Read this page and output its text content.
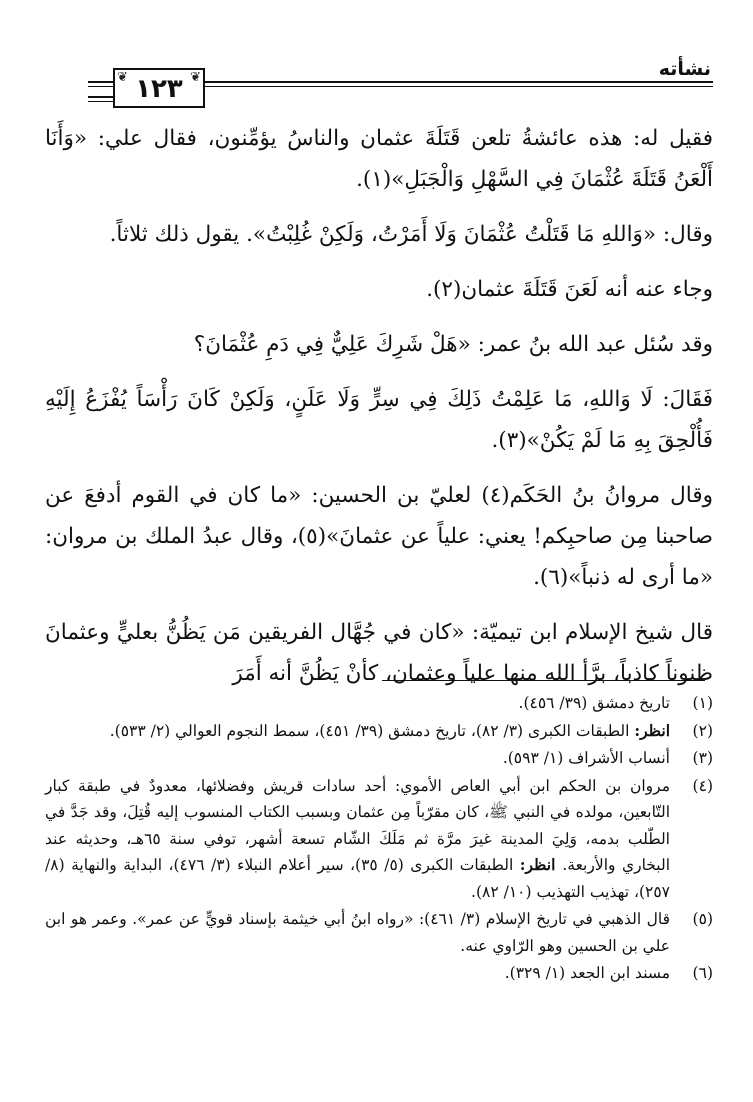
نشأته
❦	❦
١٢٣

فقيل له: هذه عائشةُ تلعن قَتَلَةَ عثمان والناسُ يؤمِّنون، فقال علي: «وَأَنَا أَلْعَنُ قَتَلَةَ عُثْمَانَ فِي السَّهْلِ وَالْجَبَلِ»(١).

وقال: «وَاللهِ مَا قَتَلْتُ عُثْمَانَ وَلَا أَمَرْتُ، وَلَكِنْ غُلِبْتُ». يقول ذلك ثلاثاً.

وجاء عنه أنه لَعَنَ قَتَلَةَ عثمان(٢).

وقد سُئل عبد الله بنُ عمر: «هَلْ شَرِكَ عَلِيٌّ فِي دَمِ عُثْمَانَ؟

فَقَالَ: لَا وَاللهِ، مَا عَلِمْتُ ذَلِكَ فِي سِرٍّ وَلَا عَلَنٍ، وَلَكِنْ كَانَ رَأْسَاً يُفْزَعُ إِلَيْهِ فَأُلْحِقَ بِهِ مَا لَمْ يَكُنْ»(٣).

وقال مروانُ بنُ الحَكَم(٤) لعليّ بن الحسين: «ما كان في القوم أدفعَ عن صاحبنا مِن صاحبِكم! يعني: علياً عن عثمانَ»(٥)، وقال عبدُ الملك بن مروان: «ما أرى له ذنباً»(٦).

قال شيخ الإسلام ابن تيميّة: «كان في جُهَّال الفريقين مَن يَظُنُّ بعليٍّ وعثمانَ ظنوناً كاذباً، برَّأ الله منها علياً وعثمان، كأنْ يَظُنَّ أنه أَمَرَ

(١)
تاريخ دمشق (٣٩/ ٤٥٦).
(٢)
انظر: الطبقات الكبرى (٣/ ٨٢)، تاريخ دمشق (٣٩/ ٤٥١)، سمط النجوم العوالي (٢/ ٥٣٣).
(٣)
أنساب الأشراف (١/ ٥٩٣).
(٤)
مروان بن الحكم ابن أبي العاص الأموي: أحد سادات قريش وفضلائها، معدودٌ في طبقة كبار التّابعين، مولده في النبي ﷺ، كان مقرّباً مِن عثمان وبسبب الكتاب المنسوب إليه قُتِلَ، وقد جَدَّ في الطّلب بدمه، وَلِيَ المدينة غيرَ مرَّة ثم مَلَكَ الشّام تسعة أشهر، توفي سنة ٦٥هـ، وحديثه عند البخاري والأربعة. انظر: الطبقات الكبرى (٥/ ٣٥)، سير أعلام النبلاء (٣/ ٤٧٦)، البداية والنهاية (٨/ ٢٥٧)، تهذيب التهذيب (١٠/ ٨٢).
(٥)
قال الذهبي في تاريخ الإسلام (٣/ ٤٦١): «رواه ابنُ أبي خيثمة بإسناد قويٍّ عن عمر». وعمر هو ابن علي بن الحسين وهو الرّاوي عنه.
(٦)
مسند ابن الجعد (١/ ٣٢٩).
